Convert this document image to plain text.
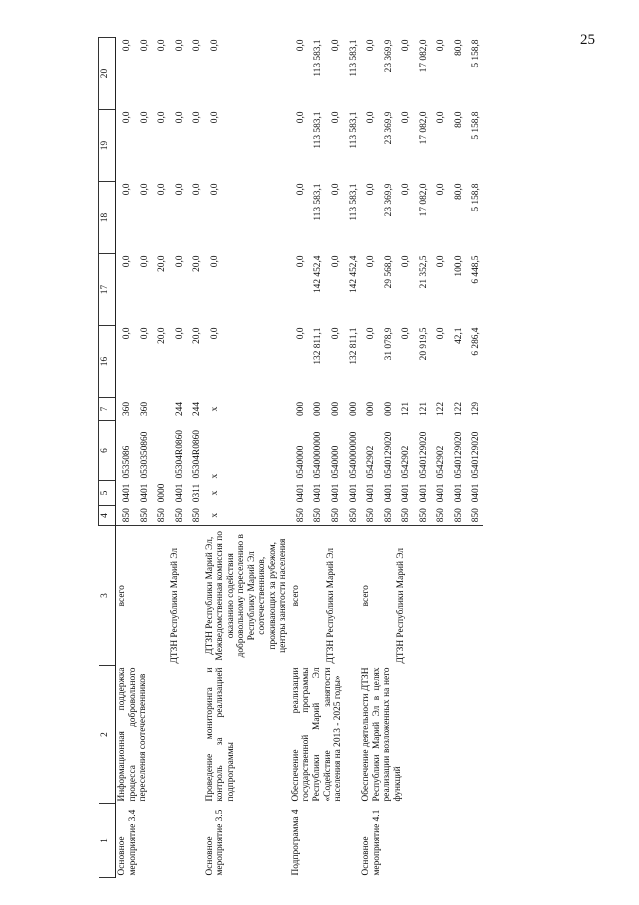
25
1	2	3	4	5	6	7	16	17	18	19	20
Основное мероприятие 3.4	Информационная поддержка процесса добровольного переселения соотечественников	всего	850	0401	0535086	360	0,0	0,0	0,0	0,0	0,0
			850	0401	0530350860	360	0,0	0,0	0,0	0,0	0,0
			850	0000			20,0	20,0	0,0	0,0	0,0
		ДТЗН Республики Марий Эл	850	0401	05304R0860	244	0,0	0,0	0,0	0,0	0,0
			850	0311	05304R0860	244	20,0	20,0	0,0	0,0	0,0
Основное мероприятие 3.5	Проведение мониторинга и контроль за реализацией подпрограммы	ДТЗН Республики Марий Эл, Межведомственная комиссия по оказанию содействия добровольному переселению в Республику Марий Эл соотечественников, проживающих за рубежом, центры занятости населения	x	x	x	x	0,0	0,0	0,0	0,0	0,0
Подпрограмма 4	Обеспечение реализации государственной программы Республики Марий Эл «Содействие занятости населения на 2013 - 2025 годы»	всего	850	0401	0540000	000	0,0	0,0	0,0	0,0	0,0
			850	0401	0540000000	000	132 811,1	142 452,4	113 583,1	113 583,1	113 583,1
		ДТЗН Республики Марий Эл	850	0401	0540000	000	0,0	0,0	0,0	0,0	0,0
			850	0401	0540000000	000	132 811,1	142 452,4	113 583,1	113 583,1	113 583,1
Основное мероприятие 4.1	Обеспечение деятельности ДТЗН Республики Марий Эл в целях реализации возложенных на него функций	всего	850	0401	0542902	000	0,0	0,0	0,0	0,0	0,0
			850	0401	0540129020	000	31 078,9	29 568,0	23 369,9	23 369,9	23 369,9
		ДТЗН Республики Марий Эл	850	0401	0542902	121	0,0	0,0	0,0	0,0	0,0
			850	0401	0540129020	121	20 919,5	21 352,5	17 082,0	17 082,0	17 082,0
			850	0401	0542902	122	0,0	0,0	0,0	0,0	0,0
			850	0401	0540129020	122	42,1	100,0	80,0	80,0	80,0
			850	0401	0540129020	129	6 286,4	6 448,5	5 158,8	5 158,8	5 158,8
